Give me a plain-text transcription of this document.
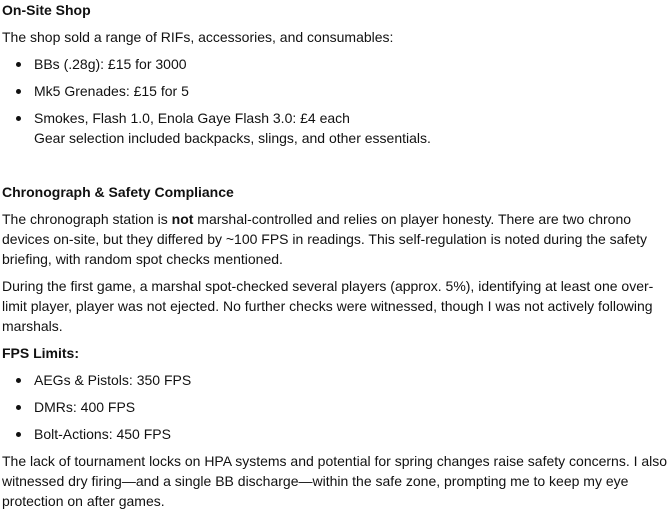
On-Site Shop

The shop sold a range of RIFs, accessories, and consumables:

BBs (.28g): £15 for 3000
Mk5 Grenades: £15 for 5
Smokes, Flash 1.0, Enola Gaye Flash 3.0: £4 each
Gear selection included backpacks, slings, and other essentials.
Chronograph & Safety Compliance

The chronograph station is not marshal-controlled and relies on player honesty. There are two chrono devices on-site, but they differed by ~100 FPS in readings. This self-regulation is noted during the safety briefing, with random spot checks mentioned.

During the first game, a marshal spot-checked several players (approx. 5%), identifying at least one over-limit player, player was not ejected. No further checks were witnessed, though I was not actively following marshals.

FPS Limits:
AEGs & Pistols: 350 FPS
DMRs: 400 FPS
Bolt-Actions: 450 FPS

The lack of tournament locks on HPA systems and potential for spring changes raise safety concerns. I also witnessed dry firing—and a single BB discharge—within the safe zone, prompting me to keep my eye protection on after games.
